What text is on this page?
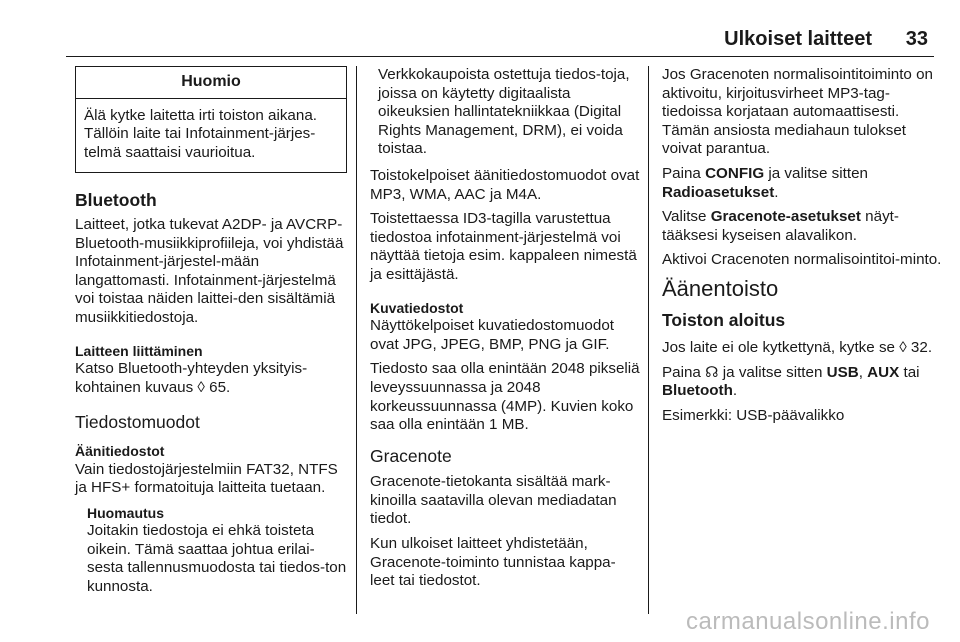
Ulkoiset laitteet 33
Huomio
Älä kytke laitetta irti toiston aikana. Tällöin laite tai Infotainment-järjes-telmä saattaisi vaurioitua.
Bluetooth

Laitteet, jotka tukevat A2DP- ja AVCRP-Bluetooth-musiikkiprofiileja, voi yhdistää Infotainment-järjestel-mään langattomasti. Infotainment-järjestelmä voi toistaa näiden laittei-den sisältämiä musiikkitiedostoja.

Laitteen liittäminen

Katso Bluetooth-yhteyden yksityis-kohtainen kuvaus ◊ 65.

Tiedostomuodot
Äänitiedostot

Vain tiedostojärjestelmiin FAT32, NTFS ja HFS+ formatoituja laitteita tuetaan.

Huomautus
Joitakin tiedostoja ei ehkä toisteta oikein. Tämä saattaa johtua erilai-sesta tallennusmuodosta tai tiedos-ton kunnosta.

Verkkokaupoista ostettuja tiedos-toja, joissa on käytetty digitaalista oikeuksien hallintatekniikkaa (Digital Rights Management, DRM), ei voida toistaa.

Toistokelpoiset äänitiedostomuodot ovat MP3, WMA, AAC ja M4A.

Toistettaessa ID3-tagilla varustettua tiedostoa infotainment-järjestelmä voi näyttää tietoja esim. kappaleen nimestä ja esittäjästä.

Kuvatiedostot

Näyttökelpoiset kuvatiedostomuodot ovat JPG, JPEG, BMP, PNG ja GIF.

Tiedosto saa olla enintään 2048 pikseliä leveyssuunnassa ja 2048 korkeussuunnassa (4MP). Kuvien koko saa olla enintään 1 MB.

Gracenote

Gracenote-tietokanta sisältää mark-kinoilla saatavilla olevan mediadatan tiedot.

Kun ulkoiset laitteet yhdistetään, Gracenote-toiminto tunnistaa kappa-leet tai tiedostot.

Jos Gracenoten normalisointitoiminto on aktivoitu, kirjoitusvirheet MP3-tag-tiedoissa korjataan automaattisesti. Tämän ansiosta mediahaun tulokset voivat parantua.

Paina CONFIG ja valitse sitten Radioasetukset.

Valitse Gracenote-asetukset näyt-tääksesi kyseisen alavalikon.

Aktivoi Cracenoten normalisointitoi-minto.

Äänentoisto
Toiston aloitus

Jos laite ei ole kytkettynä, kytke se ◊ 32.

Paina ☊ ja valitse sitten USB, AUX tai Bluetooth.

Esimerkki: USB-päävalikko

carmanualsonline.info
